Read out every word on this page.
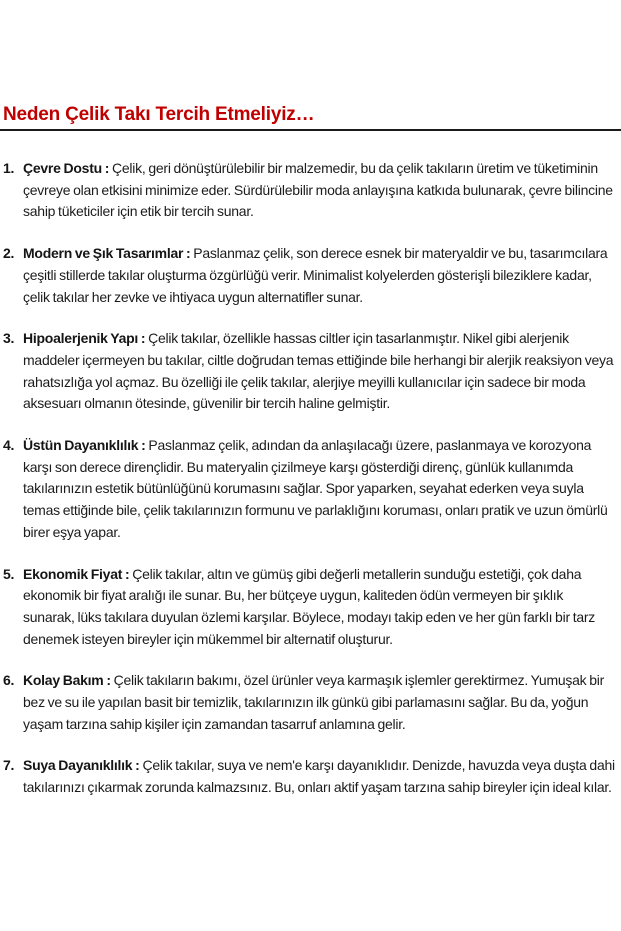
Neden Çelik Takı Tercih Etmeliyiz…
1. Çevre Dostu : Çelik, geri dönüştürülebilir bir malzemedir, bu da çelik takıların üretim ve tüketiminin çevreye olan etkisini minimize eder. Sürdürülebilir moda anlayışına katkıda bulunarak, çevre bilincine sahip tüketiciler için etik bir tercih sunar.

2. Modern ve Şık Tasarımlar : Paslanmaz çelik, son derece esnek bir materyaldir ve bu, tasarımcılara çeşitli stillerde takılar oluşturma özgürlüğü verir. Minimalist kolyelerden gösterişli bileziklere kadar, çelik takılar her zevke ve ihtiyaca uygun alternatifler sunar.

3. Hipoalerjenik Yapı : Çelik takılar, özellikle hassas ciltler için tasarlanmıştır. Nikel gibi alerjenik maddeler içermeyen bu takılar, ciltle doğrudan temas ettiğinde bile herhangi bir alerjik reaksiyon veya rahatsızlığa yol açmaz. Bu özelliği ile çelik takılar, alerjiye meyilli kullanıcılar için sadece bir moda aksesuarı olmanın ötesinde, güvenilir bir tercih haline gelmiştir.

4. Üstün Dayanıklılık : Paslanmaz çelik, adından da anlaşılacağı üzere, paslanmaya ve korozyona karşı son derece dirençlidir. Bu materyalin çizilmeye karşı gösterdiği direnç, günlük kullanımda takılarınızın estetik bütünlüğünü korumasını sağlar. Spor yaparken, seyahat ederken veya suyla temas ettiğinde bile, çelik takılarınızın formunu ve parlaklığını koruması, onları pratik ve uzun ömürlü birer eşya yapar.

5. Ekonomik Fiyat : Çelik takılar, altın ve gümüş gibi değerli metallerin sunduğu estetiği, çok daha ekonomik bir fiyat aralığı ile sunar. Bu, her bütçeye uygun, kaliteden ödün vermeyen bir şıklık sunarak, lüks takılara duyulan özlemi karşılar. Böylece, modayı takip eden ve her gün farklı bir tarz denemek isteyen bireyler için mükemmel bir alternatif oluşturur.

6. Kolay Bakım : Çelik takıların bakımı, özel ürünler veya karmaşık işlemler gerektirmez. Yumuşak bir bez ve su ile yapılan basit bir temizlik, takılarınızın ilk günkü gibi parlamasını sağlar. Bu da, yoğun yaşam tarzına sahip kişiler için zamandan tasarruf anlamına gelir.

7. Suya Dayanıklılık : Çelik takılar, suya ve nem'e karşı dayanıklıdır. Denizde, havuzda veya duşta dahi takılarınızı çıkarmak zorunda kalmazsınız. Bu, onları aktif yaşam tarzına sahip bireyler için ideal kılar.
